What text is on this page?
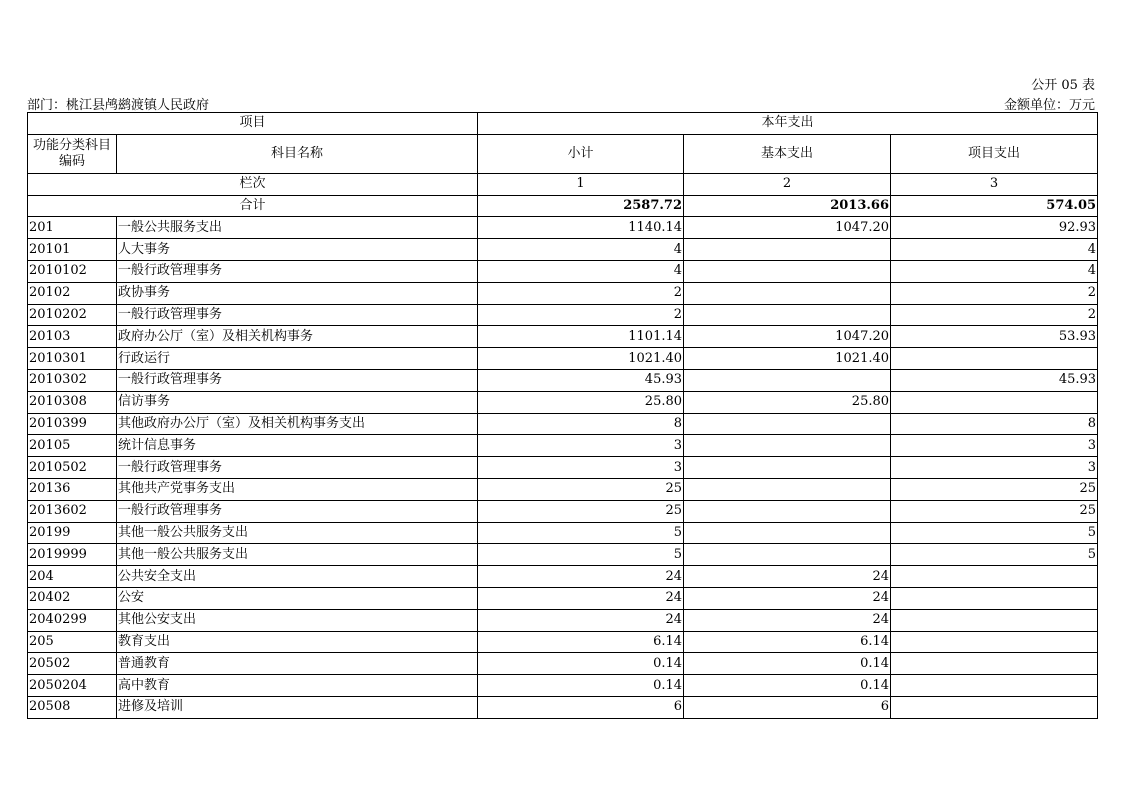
公开 05 表
部门：桃江县鸬鹚渡镇人民政府	金额单位：万元
项目		本年支出		
功能分类科目编码	科目名称	小计	基本支出	项目支出
栏次		1	2	3
合计		2587.72	2013.66	574.05
201	一般公共服务支出	1140.14	1047.20	92.93
20101	人大事务	4		4
2010102	一般行政管理事务	4		4
20102	政协事务	2		2
2010202	一般行政管理事务	2		2
20103	政府办公厅（室）及相关机构事务	1101.14	1047.20	53.93
2010301	行政运行	1021.40	1021.40	
2010302	一般行政管理事务	45.93		45.93
2010308	信访事务	25.80	25.80	
2010399	其他政府办公厅（室）及相关机构事务支出	8		8
20105	统计信息事务	3		3
2010502	一般行政管理事务	3		3
20136	其他共产党事务支出	25		25
2013602	一般行政管理事务	25		25
20199	其他一般公共服务支出	5		5
2019999	其他一般公共服务支出	5		5
204	公共安全支出	24	24	
20402	公安	24	24	
2040299	其他公安支出	24	24	
205	教育支出	6.14	6.14	
20502	普通教育	0.14	0.14	
2050204	高中教育	0.14	0.14	
20508	进修及培训	6	6	
